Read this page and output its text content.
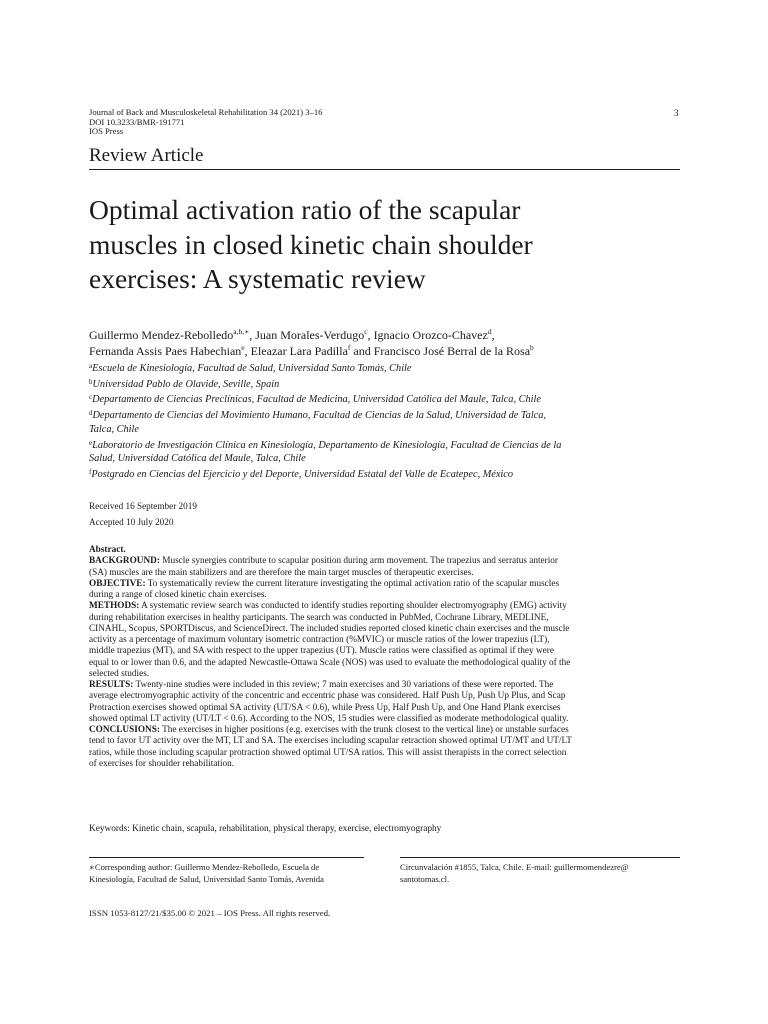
Journal of Back and Musculoskeletal Rehabilitation 34 (2021) 3–16
DOI 10.3233/BMR-191771
IOS Press
3
Review Article
Optimal activation ratio of the scapular
muscles in closed kinetic chain shoulder
exercises: A systematic review
Guillermo Mendez-Rebolledo$^{a,b,∗}$, Juan Morales-Verdugo$^c$, Ignacio Orozco-Chavez$^d$,
Fernanda Assis Paes Habechian$^e$, Eleazar Lara Padilla$^f$ and Francisco José Berral de la Rosa$^b$
$^a$Escuela de Kinesiología, Facultad de Salud, Universidad Santo Tomás, Chile
$^b$Universidad Pablo de Olavide, Seville, Spain
$^c$Departamento de Ciencias Preclínicas, Facultad de Medicina, Universidad Católica del Maule, Talca, Chile
$^d$Departamento de Ciencias del Movimiento Humano, Facultad de Ciencias de la Salud, Universidad de Talca,
Talca, Chile
$^e$Laboratorio de Investigación Clínica en Kinesiología, Departamento de Kinesiología, Facultad de Ciencias de la
Salud, Universidad Católica del Maule, Talca, Chile
$^f$Postgrado en Ciencias del Ejercicio y del Deporte, Universidad Estatal del Valle de Ecatepec, México
Received 16 September 2019
Accepted 10 July 2020
Abstract.
BACKGROUND: Muscle synergies contribute to scapular position during arm movement. The trapezius and serratus anterior
(SA) muscles are the main stabilizers and are therefore the main target muscles of therapeutic exercises.
OBJECTIVE: To systematically review the current literature investigating the optimal activation ratio of the scapular muscles
during a range of closed kinetic chain exercises.
METHODS: A systematic review search was conducted to identify studies reporting shoulder electromyography (EMG) activity
during rehabilitation exercises in healthy participants. The search was conducted in PubMed, Cochrane Library, MEDLINE,
CINAHL, Scopus, SPORTDiscus, and ScienceDirect. The included studies reported closed kinetic chain exercises and the muscle
activity as a percentage of maximum voluntary isometric contraction (%MVIC) or muscle ratios of the lower trapezius (LT),
middle trapezius (MT), and SA with respect to the upper trapezius (UT). Muscle ratios were classified as optimal if they were
equal to or lower than 0.6, and the adapted Newcastle-Ottawa Scale (NOS) was used to evaluate the methodological quality of the
selected studies.
RESULTS: Twenty-nine studies were included in this review; 7 main exercises and 30 variations of these were reported. The
average electromyographic activity of the concentric and eccentric phase was considered. Half Push Up, Push Up Plus, and Scap
Protraction exercises showed optimal SA activity (UT/SA < 0.6), while Press Up, Half Push Up, and One Hand Plank exercises
showed optimal LT activity (UT/LT < 0.6). According to the NOS, 15 studies were classified as moderate methodological quality.
CONCLUSIONS: The exercises in higher positions (e.g. exercises with the trunk closest to the vertical line) or unstable surfaces
tend to favor UT activity over the MT, LT and SA. The exercises including scapular retraction showed optimal UT/MT and UT/LT
ratios, while those including scapular protraction showed optimal UT/SA ratios. This will assist therapists in the correct selection
of exercises for shoulder rehabilitation.
Keywords: Kinetic chain, scapula, rehabilitation, physical therapy, exercise, electromyography
∗Corresponding author: Guillermo Mendez-Rebolledo, Escuela de
Kinesiología, Facultad de Salud, Universidad Santo Tomás, Avenida
Circunvalación #1855, Talca, Chile. E-mail: guillermomendezre@
santotomas.cl.
ISSN 1053-8127/21/$35.00 © 2021 – IOS Press. All rights reserved.
